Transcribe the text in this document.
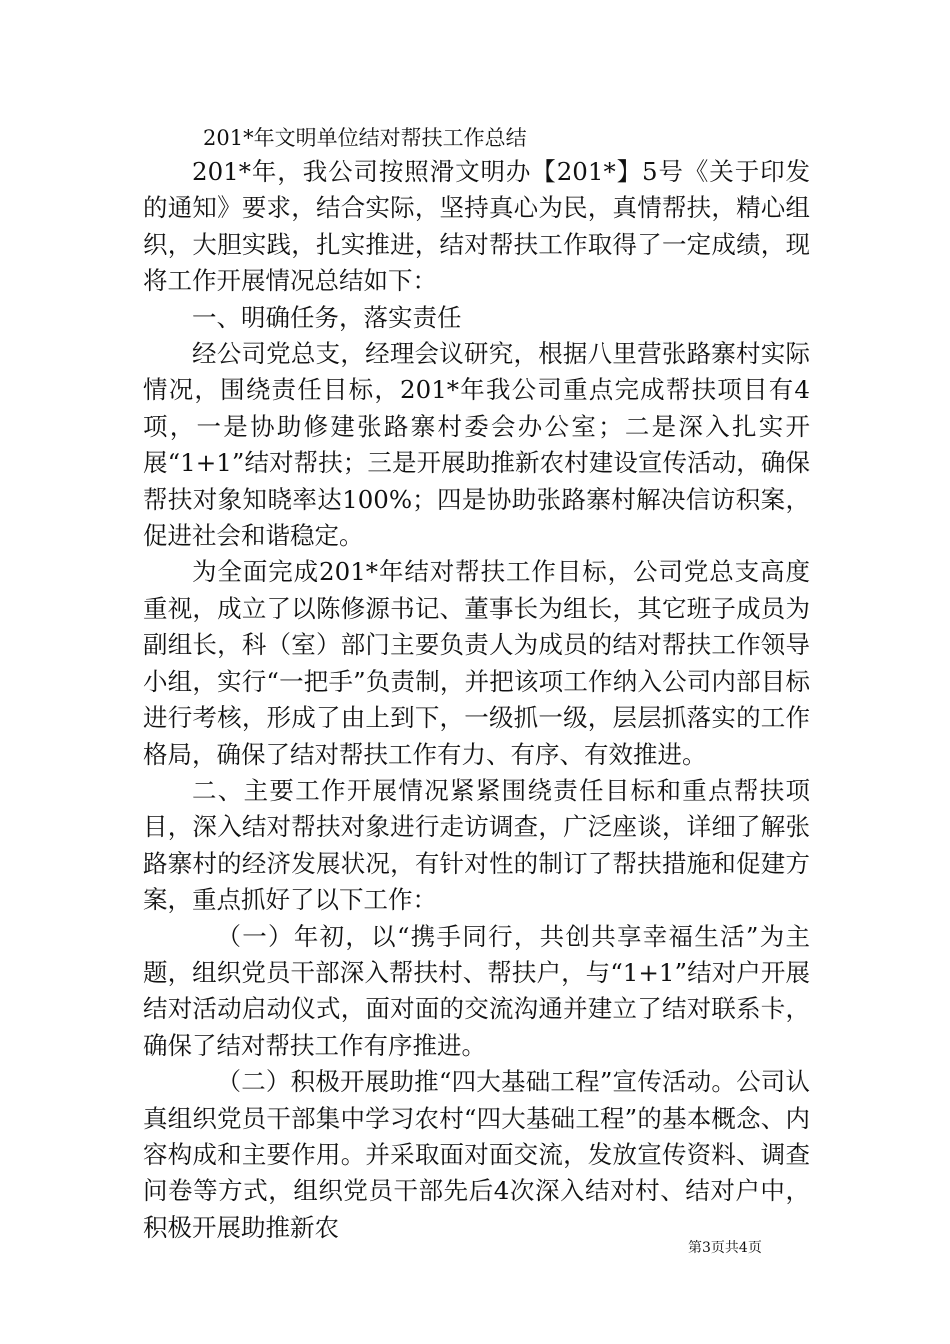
201*年文明单位结对帮扶工作总结

201*年，我公司按照滑文明办【201*】5号《关于印发的通知》要求，结合实际，坚持真心为民，真情帮扶，精心组织，大胆实践，扎实推进，结对帮扶工作取得了一定成绩，现将工作开展情况总结如下：

一、明确任务，落实责任

经公司党总支，经理会议研究，根据八里营张路寨村实际情况，围绕责任目标，201*年我公司重点完成帮扶项目有4项，一是协助修建张路寨村委会办公室；二是深入扎实开展“1+1”结对帮扶；三是开展助推新农村建设宣传活动，确保帮扶对象知晓率达100%；四是协助张路寨村解决信访积案，促进社会和谐稳定。

为全面完成201*年结对帮扶工作目标，公司党总支高度重视，成立了以陈修源书记、董事长为组长，其它班子成员为副组长，科（室）部门主要负责人为成员的结对帮扶工作领导小组，实行“一把手”负责制，并把该项工作纳入公司内部目标进行考核，形成了由上到下，一级抓一级，层层抓落实的工作格局，确保了结对帮扶工作有力、有序、有效推进。

二、主要工作开展情况紧紧围绕责任目标和重点帮扶项目，深入结对帮扶对象进行走访调查，广泛座谈，详细了解张路寨村的经济发展状况，有针对性的制订了帮扶措施和促建方案，重点抓好了以下工作：

（一）年初，以“携手同行，共创共享幸福生活”为主题，组织党员干部深入帮扶村、帮扶户，与“1+1”结对户开展结对活动启动仪式，面对面的交流沟通并建立了结对联系卡，确保了结对帮扶工作有序推进。

（二）积极开展助推“四大基础工程”宣传活动。公司认真组织党员干部集中学习农村“四大基础工程”的基本概念、内容构成和主要作用。并采取面对面交流，发放宣传资料、调查问卷等方式，组织党员干部先后4次深入结对村、结对户中，积极开展助推新农

第3页共4页
